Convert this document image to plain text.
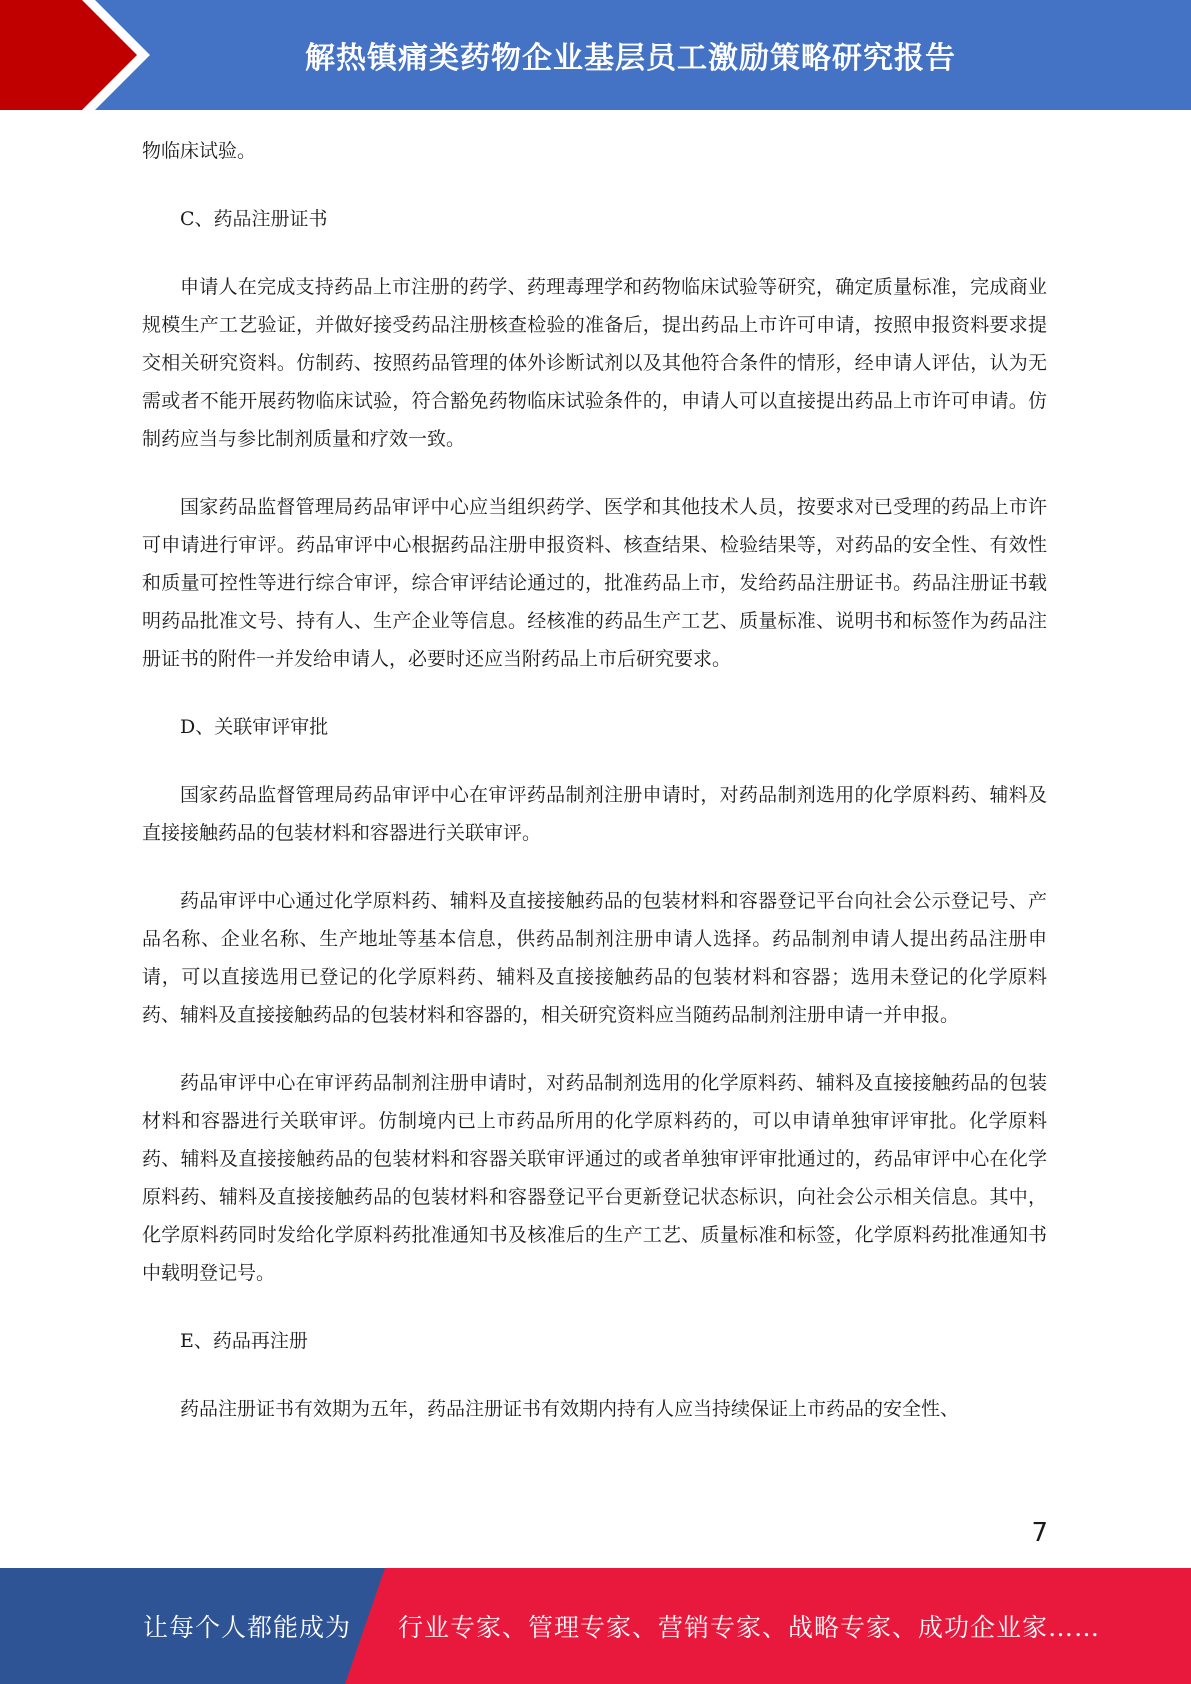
解热镇痛类药物企业基层员工激励策略研究报告

物临床试验。

C、药品注册证书

申请人在完成支持药品上市注册的药学、药理毒理学和药物临床试验等研究，确定质量标准，完成商业规模生产工艺验证，并做好接受药品注册核查检验的准备后，提出药品上市许可申请，按照申报资料要求提交相关研究资料。仿制药、按照药品管理的体外诊断试剂以及其他符合条件的情形，经申请人评估，认为无需或者不能开展药物临床试验，符合豁免药物临床试验条件的，申请人可以直接提出药品上市许可申请。仿制药应当与参比制剂质量和疗效一致。

国家药品监督管理局药品审评中心应当组织药学、医学和其他技术人员，按要求对已受理的药品上市许可申请进行审评。药品审评中心根据药品注册申报资料、核查结果、检验结果等，对药品的安全性、有效性和质量可控性等进行综合审评，综合审评结论通过的，批准药品上市，发给药品注册证书。药品注册证书载明药品批准文号、持有人、生产企业等信息。经核准的药品生产工艺、质量标准、说明书和标签作为药品注册证书的附件一并发给申请人，必要时还应当附药品上市后研究要求。

D、关联审评审批

国家药品监督管理局药品审评中心在审评药品制剂注册申请时，对药品制剂选用的化学原料药、辅料及直接接触药品的包装材料和容器进行关联审评。

药品审评中心通过化学原料药、辅料及直接接触药品的包装材料和容器登记平台向社会公示登记号、产品名称、企业名称、生产地址等基本信息，供药品制剂注册申请人选择。药品制剂申请人提出药品注册申请，可以直接选用已登记的化学原料药、辅料及直接接触药品的包装材料和容器；选用未登记的化学原料药、辅料及直接接触药品的包装材料和容器的，相关研究资料应当随药品制剂注册申请一并申报。

药品审评中心在审评药品制剂注册申请时，对药品制剂选用的化学原料药、辅料及直接接触药品的包装材料和容器进行关联审评。仿制境内已上市药品所用的化学原料药的，可以申请单独审评审批。化学原料药、辅料及直接接触药品的包装材料和容器关联审评通过的或者单独审评审批通过的，药品审评中心在化学原料药、辅料及直接接触药品的包装材料和容器登记平台更新登记状态标识，向社会公示相关信息。其中，化学原料药同时发给化学原料药批准通知书及核准后的生产工艺、质量标准和标签，化学原料药批准通知书中载明登记号。

E、药品再注册

药品注册证书有效期为五年，药品注册证书有效期内持有人应当持续保证上市药品的安全性、

7
让每个人都能成为 行业专家、管理专家、营销专家、战略专家、成功企业家……
